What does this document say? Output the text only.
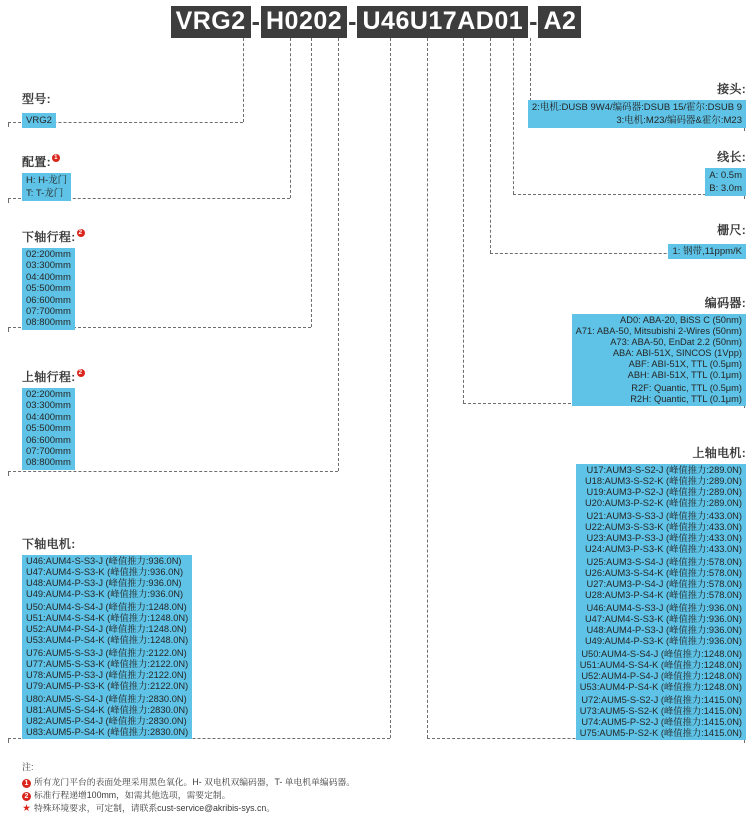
VRG2 - H0202 - U46U17AD01 - A2
型号:
VRG2
配置: 1
H: H-龙门
T: T-龙门
下轴行程: 2
02:200mm
03:300mm
04:400mm
05:500mm
06:600mm
07:700mm
08:800mm
上轴行程: 2
02:200mm
03:300mm
04:400mm
05:500mm
06:600mm
07:700mm
08:800mm
下轴电机:
U46:AUM4-S-S3-J (峰值推力:936.0N)
U47:AUM4-S-S3-K (峰值推力:936.0N)
U48:AUM4-P-S3-J (峰值推力:936.0N)
U49:AUM4-P-S3-K (峰值推力:936.0N)
U50:AUM4-S-S4-J (峰值推力:1248.0N)
U51:AUM4-S-S4-K (峰值推力:1248.0N)
U52:AUM4-P-S4-J (峰值推力:1248.0N)
U53:AUM4-P-S4-K (峰值推力:1248.0N)
U76:AUM5-S-S3-J (峰值推力:2122.0N)
U77:AUM5-S-S3-K (峰值推力:2122.0N)
U78:AUM5-P-S3-J (峰值推力:2122.0N)
U79:AUM5-P-S3-K (峰值推力:2122.0N)
U80:AUM5-S-S4-J (峰值推力:2830.0N)
U81:AUM5-S-S4-K (峰值推力:2830.0N)
U82:AUM5-P-S4-J (峰值推力:2830.0N)
U83:AUM5-P-S4-K (峰值推力:2830.0N)
接头:
2:电机:DUSB 9W4/编码器:DSUB 15/霍尔:DSUB 9
3:电机:M23/编码器&霍尔:M23
线长:
A: 0.5m
B: 3.0m
栅尺:
1: 钢带,11ppm/K
编码器:
AD0: ABA-20, BiSS C (50nm)
A71: ABA-50, Mitsubishi 2-Wires (50nm)
A73: ABA-50, EnDat 2.2 (50nm)
ABA: ABI-51X, SINCOS (1Vpp)
ABF: ABI-51X, TTL (0.5μm)
ABH: ABI-51X, TTL (0.1μm)
R2F: Quantic, TTL (0.5μm)
R2H: Quantic, TTL (0.1μm)
上轴电机:
U17:AUM3-S-S2-J (峰值推力:289.0N)
U18:AUM3-S-S2-K (峰值推力:289.0N)
U19:AUM3-P-S2-J (峰值推力:289.0N)
U20:AUM3-P-S2-K (峰值推力:289.0N)
U21:AUM3-S-S3-J (峰值推力:433.0N)
U22:AUM3-S-S3-K (峰值推力:433.0N)
U23:AUM3-P-S3-J (峰值推力:433.0N)
U24:AUM3-P-S3-K (峰值推力:433.0N)
U25:AUM3-S-S4-J (峰值推力:578.0N)
U26:AUM3-S-S4-K (峰值推力:578.0N)
U27:AUM3-P-S4-J (峰值推力:578.0N)
U28:AUM3-P-S4-K (峰值推力:578.0N)
U46:AUM4-S-S3-J (峰值推力:936.0N)
U47:AUM4-S-S3-K (峰值推力:936.0N)
U48:AUM4-P-S3-J (峰值推力:936.0N)
U49:AUM4-P-S3-K (峰值推力:936.0N)
U50:AUM4-S-S4-J (峰值推力:1248.0N)
U51:AUM4-S-S4-K (峰值推力:1248.0N)
U52:AUM4-P-S4-J (峰值推力:1248.0N)
U53:AUM4-P-S4-K (峰值推力:1248.0N)
U72:AUM5-S-S2-J (峰值推力:1415.0N)
U73:AUM5-S-S2-K (峰值推力:1415.0N)
U74:AUM5-P-S2-J (峰值推力:1415.0N)
U75:AUM5-P-S2-K (峰值推力:1415.0N)
注:
1 所有龙门平台的表面处理采用黑色氧化。H- 双电机双编码器，T- 单电机单编码器。
2 标准行程递增100mm，如需其他选项，需要定制。
★ 特殊环境要求，可定制，请联系cust-service@akribis-sys.cn。
